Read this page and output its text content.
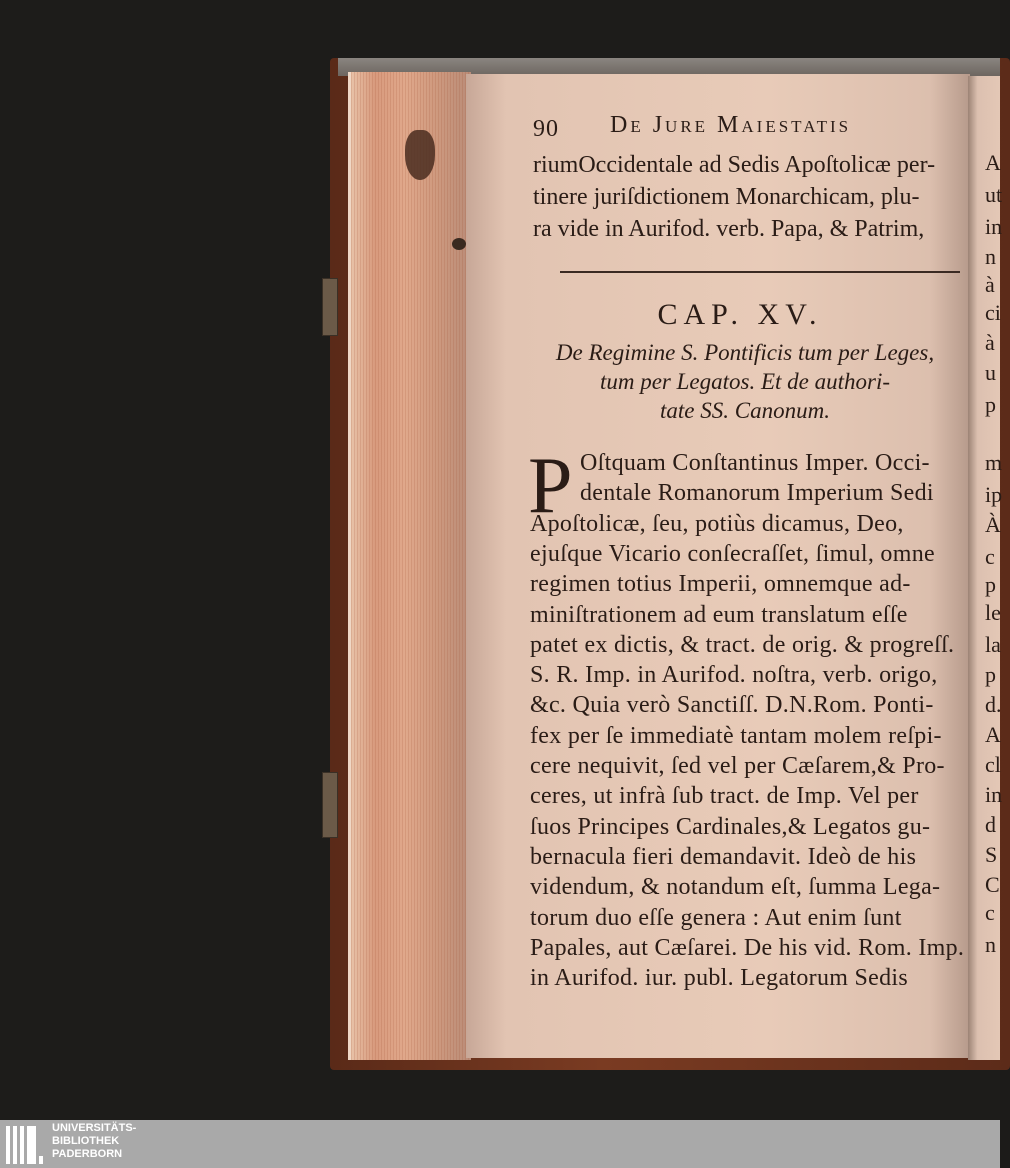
90 De Jure Maiestatis
riumOccidentale ad Sedis Apoſtolicæ per-
tinere juriſdictionem Monarchicam, plu-
ra vide in Aurifod. verb. Papa, & Patrim,
CAP. XV.
De Regimine S. Pontificis tum per Leges,
tum per Legatos. Et de authori-
tate SS. Canonum.
P Oſtquam Conſtantinus Imper. Occi-
dentale Romanorum Imperium Sedi
Apoſtolicæ, ſeu, potiùs dicamus, Deo,
ejuſque Vicario conſecraſſet, ſimul, omne
regimen totius Imperii, omnemque ad-
miniſtrationem ad eum translatum eſſe
patet ex dictis, & tract. de orig. & progreſſ.
S. R. Imp. in Aurifod. noſtra, verb. origo,
&c. Quia verò Sanctiſſ. D.N.Rom. Ponti-
fex per ſe immediatè tantam molem reſpi-
cere nequivit, ſed vel per Cæſarem,& Pro-
ceres, ut infrà ſub tract. de Imp. Vel per
ſuos Principes Cardinales,& Legatos gu-
bernacula fieri demandavit. Ideò de his
videndum, & notandum eſt, ſumma Lega-
torum duo eſſe genera : Aut enim ſunt
Papales, aut Cæſarei. De his vid. Rom. Imp.
in Aurifod. iur. publ. Legatorum Sedis
A
ut
in
n
à
ci
à
u
p
m
ip
À
c
p
le
la
p
d.
A
cl
in
d
S
C
c
n
UNIVERSITÄTS-
BIBLIOTHEK
PADERBORN
